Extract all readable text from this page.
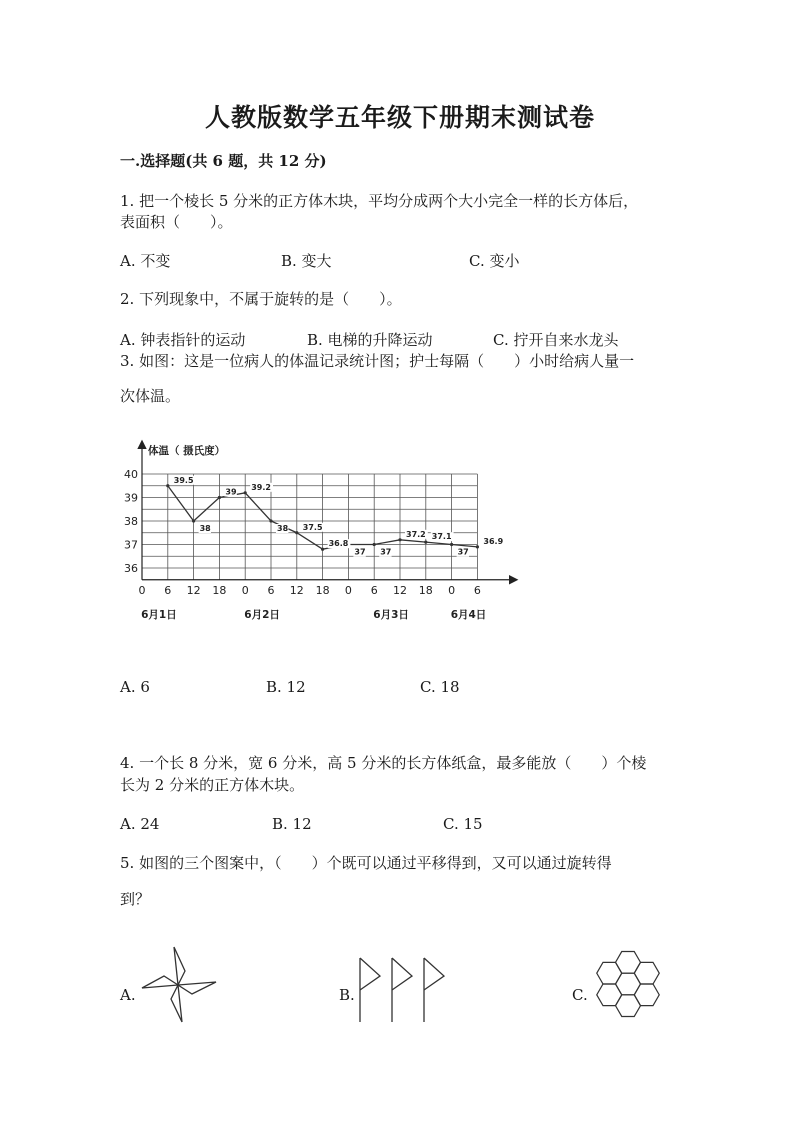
人教版数学五年级下册期末测试卷
一.选择题(共 6 题，共 12 分)
1. 把一个棱长 5 分米的正方体木块，平均分成两个大小完全一样的长方体后，
表面积（　　）。
A. 不变	B. 变大	C. 变小
2. 下列现象中，不属于旋转的是（　　）。
A. 钟表指针的运动	B. 电梯的升降运动	C. 拧开自来水龙头
3. 如图：这是一位病人的体温记录统计图；护士每隔（　　）小时给病人量一
次体温。
体温（ 摄氏度）
40
39
38
37
36
0 6 12 18 0 6 12 18 0 6 12 18 0 6
6月1日	6月2日	6月3日	6月4日
39.5
38
39
39.2
38 37.5
36.8
37 37
37.2 37.1
37
36.9
A. 6	B. 12	C. 18
4. 一个长 8 分米，宽 6 分米，高 5 分米的长方体纸盒，最多能放（　　）个棱
长为 2 分米的正方体木块。
A. 24	B. 12	C. 15
5. 如图的三个图案中，（　　）个既可以通过平移得到，又可以通过旋转得
到？
A.	B.	C.
